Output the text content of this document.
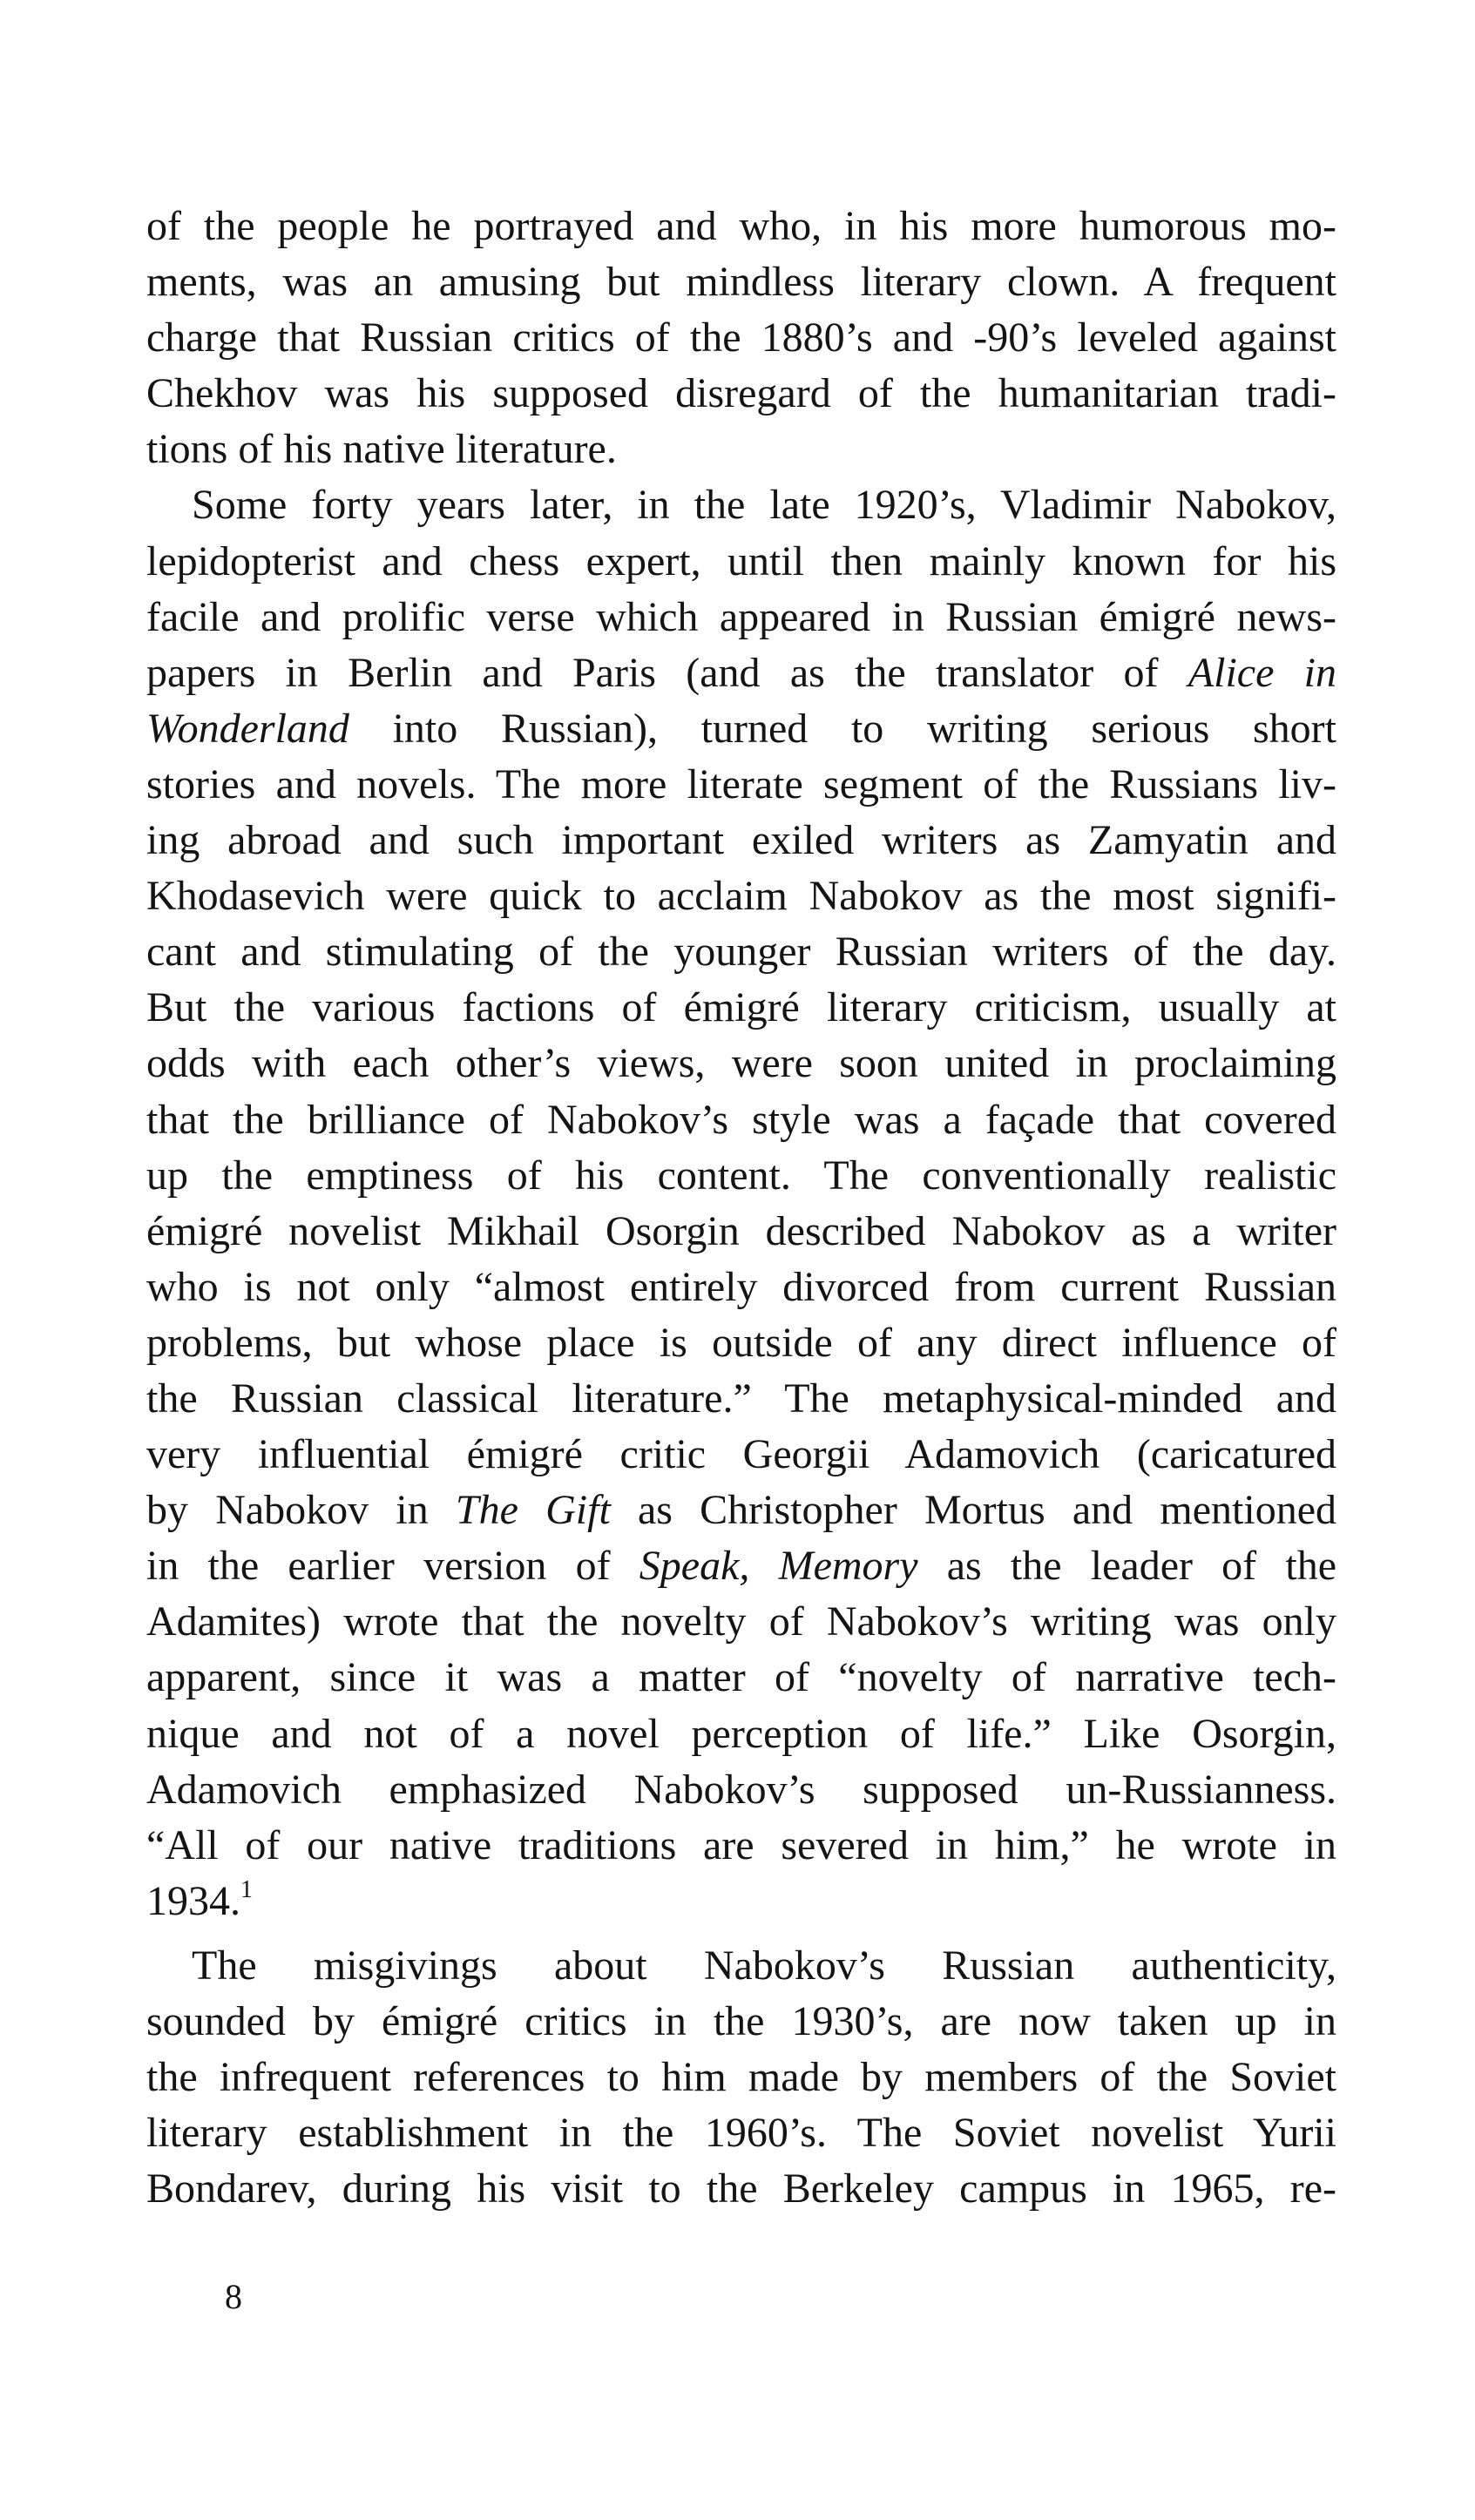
of the people he portrayed and who, in his more humorous mo-
ments, was an amusing but mindless literary clown. A frequent
charge that Russian critics of the 1880’s and -90’s leveled against
Chekhov was his supposed disregard of the humanitarian tradi-
tions of his native literature.
Some forty years later, in the late 1920’s, Vladimir Nabokov,
lepidopterist and chess expert, until then mainly known for his
facile and prolific verse which appeared in Russian émigré news-
papers in Berlin and Paris (and as the translator of Alice in
Wonderland into Russian), turned to writing serious short
stories and novels. The more literate segment of the Russians liv-
ing abroad and such important exiled writers as Zamyatin and
Khodasevich were quick to acclaim Nabokov as the most signifi-
cant and stimulating of the younger Russian writers of the day.
But the various factions of émigré literary criticism, usually at
odds with each other’s views, were soon united in proclaiming
that the brilliance of Nabokov’s style was a façade that covered
up the emptiness of his content. The conventionally realistic
émigré novelist Mikhail Osorgin described Nabokov as a writer
who is not only “almost entirely divorced from current Russian
problems, but whose place is outside of any direct influence of
the Russian classical literature.” The metaphysical-minded and
very influential émigré critic Georgii Adamovich (caricatured
by Nabokov in The Gift as Christopher Mortus and mentioned
in the earlier version of Speak, Memory as the leader of the
Adamites) wrote that the novelty of Nabokov’s writing was only
apparent, since it was a matter of “novelty of narrative tech-
nique and not of a novel perception of life.” Like Osorgin,
Adamovich emphasized Nabokov’s supposed un-Russianness.
“All of our native traditions are severed in him,” he wrote in
1934.$^1$
The misgivings about Nabokov’s Russian authenticity,
sounded by émigré critics in the 1930’s, are now taken up in
the infrequent references to him made by members of the Soviet
literary establishment in the 1960’s. The Soviet novelist Yurii
Bondarev, during his visit to the Berkeley campus in 1965, re-
8
